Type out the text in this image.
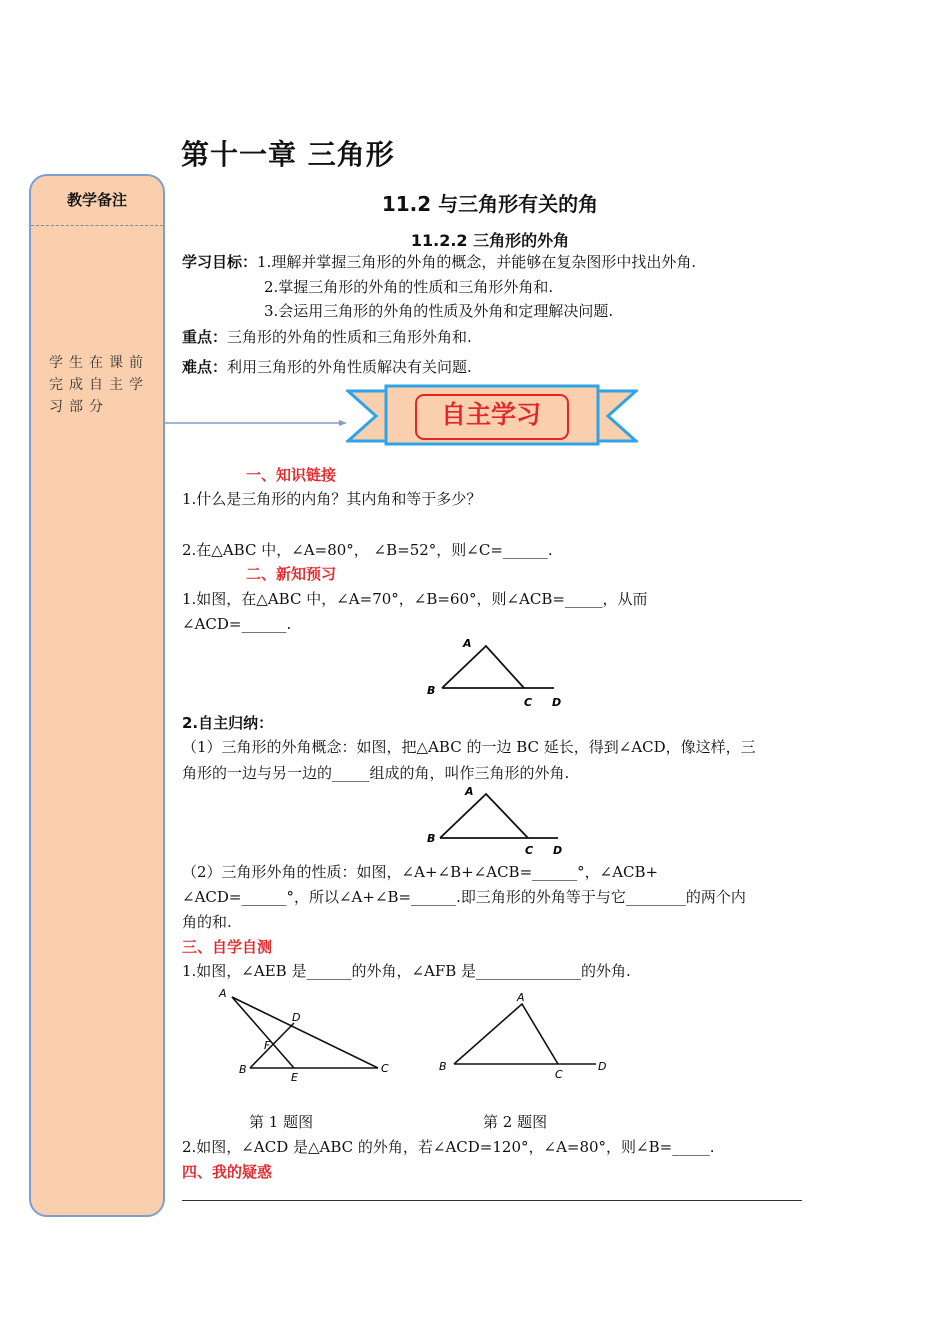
第十一章 三角形
教学备注
学生在课前完成自主学习部分
11.2 与三角形有关的角
11.2.2 三角形的外角
学习目标：1.理解并掌握三角形的外角的概念，并能够在复杂图形中找出外角.
2.掌握三角形的外角的性质和三角形外角和.
3.会运用三角形的外角的性质及外角和定理解决问题.
重点：三角形的外角的性质和三角形外角和.
难点：利用三角形的外角性质解决有关问题.
自主学习
一、知识链接
1.什么是三角形的内角？其内角和等于多少？
2.在△ABC 中，∠A=80°， ∠B=52°，则∠C=______.
二、新知预习
1.如图，在△ABC 中，∠A=70°，∠B=60°，则∠ACB=_____，从而
∠ACD=______.
A
B
C D
2.自主归纳：
（1）三角形的外角概念：如图，把△ABC 的一边 BC 延长，得到∠ACD，像这样，三
角形的一边与另一边的_____组成的角，叫作三角形的外角.
A
B
C D
（2）三角形外角的性质：如图，∠A+∠B+∠ACB=______°，∠ACB+
∠ACD=______°，所以∠A+∠B=______.即三角形的外角等于与它________的两个内
角的和.
三、自学自测
1.如图，∠AEB 是______的外角，∠AFB 是______________的外角.
A
D
F
B
E
C
A
B
C
D
第 1 题图	第 2 题图
2.如图，∠ACD 是△ABC 的外角，若∠ACD=120°，∠A=80°，则∠B=_____.
四、我的疑惑
